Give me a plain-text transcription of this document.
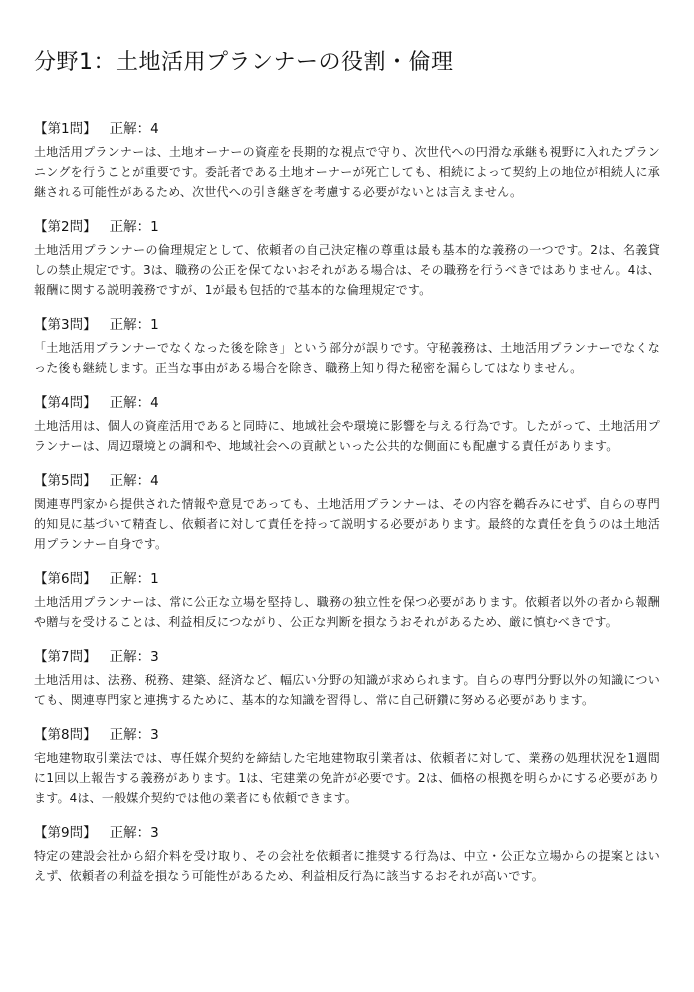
分野1：土地活用プランナーの役割・倫理
【第1問】 正解：4

土地活用プランナーは、土地オーナーの資産を長期的な視点で守り、次世代への円滑な承継も視野に入れたプランニングを行うことが重要です。委託者である土地オーナーが死亡しても、相続によって契約上の地位が相続人に承継される可能性があるため、次世代への引き継ぎを考慮する必要がないとは言えません。

【第2問】 正解：1

土地活用プランナーの倫理規定として、依頼者の自己決定権の尊重は最も基本的な義務の一つです。2は、名義貸しの禁止規定です。3は、職務の公正を保てないおそれがある場合は、その職務を行うべきではありません。4は、報酬に関する説明義務ですが、1が最も包括的で基本的な倫理規定です。

【第3問】 正解：1

「土地活用プランナーでなくなった後を除き」という部分が誤りです。守秘義務は、土地活用プランナーでなくなった後も継続します。正当な事由がある場合を除き、職務上知り得た秘密を漏らしてはなりません。

【第4問】 正解：4

土地活用は、個人の資産活用であると同時に、地域社会や環境に影響を与える行為です。したがって、土地活用プランナーは、周辺環境との調和や、地域社会への貢献といった公共的な側面にも配慮する責任があります。

【第5問】 正解：4

関連専門家から提供された情報や意見であっても、土地活用プランナーは、その内容を鵜呑みにせず、自らの専門的知見に基づいて精査し、依頼者に対して責任を持って説明する必要があります。最終的な責任を負うのは土地活用プランナー自身です。

【第6問】 正解：1

土地活用プランナーは、常に公正な立場を堅持し、職務の独立性を保つ必要があります。依頼者以外の者から報酬や贈与を受けることは、利益相反につながり、公正な判断を損なうおそれがあるため、厳に慎むべきです。

【第7問】 正解：3

土地活用は、法務、税務、建築、経済など、幅広い分野の知識が求められます。自らの専門分野以外の知識についても、関連専門家と連携するために、基本的な知識を習得し、常に自己研鑽に努める必要があります。

【第8問】 正解：3

宅地建物取引業法では、専任媒介契約を締結した宅地建物取引業者は、依頼者に対して、業務の処理状況を1週間に1回以上報告する義務があります。1は、宅建業の免許が必要です。2は、価格の根拠を明らかにする必要があります。4は、一般媒介契約では他の業者にも依頼できます。

【第9問】 正解：3

特定の建設会社から紹介料を受け取り、その会社を依頼者に推奨する行為は、中立・公正な立場からの提案とはいえず、依頼者の利益を損なう可能性があるため、利益相反行為に該当するおそれが高いです。
